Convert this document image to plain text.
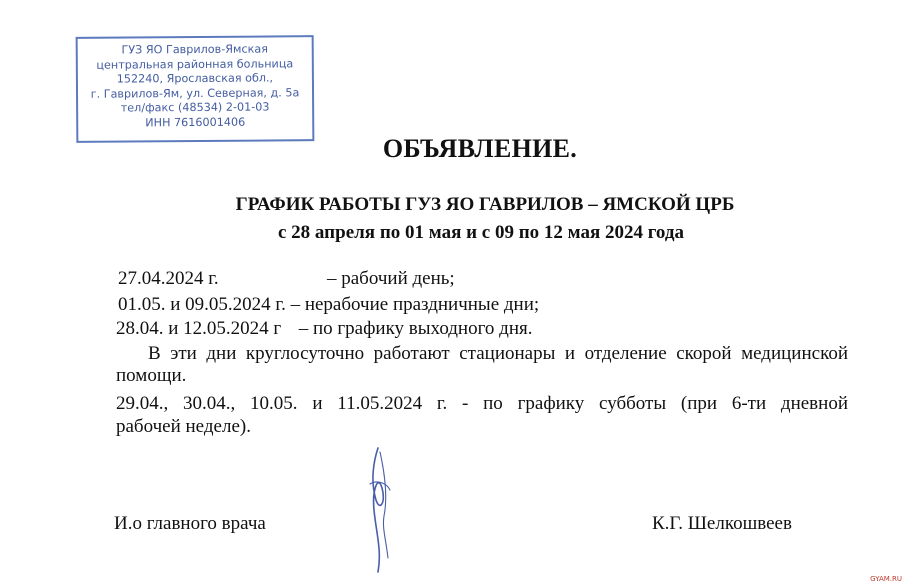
ГУЗ ЯО Гаврилов-Ямская
центральная районная больница
152240, Ярославская обл.,
г. Гаврилов-Ям, ул. Северная, д. 5а
тел/факс (48534) 2-01-03
ИНН 7616001406
ОБЪЯВЛЕНИЕ.
ГРАФИК РАБОТЫ ГУЗ ЯО ГАВРИЛОВ – ЯМСКОЙ ЦРБ
с 28 апреля по 01 мая и с 09 по 12 мая 2024 года
27.04.2024 г.	– рабочий день;
01.05. и 09.05.2024 г. – нерабочие праздничные дни;
28.04. и 12.05.2024 г – по графику выходного дня.
В эти дни круглосуточно работают стационары и отделение скорой медицинской помощи.
29.04., 30.04., 10.05. и 11.05.2024 г. - по графику субботы (при 6-ти дневной
рабочей неделе).
И.о главного врача	К.Г. Шелкошвеев
GYAM.RU
